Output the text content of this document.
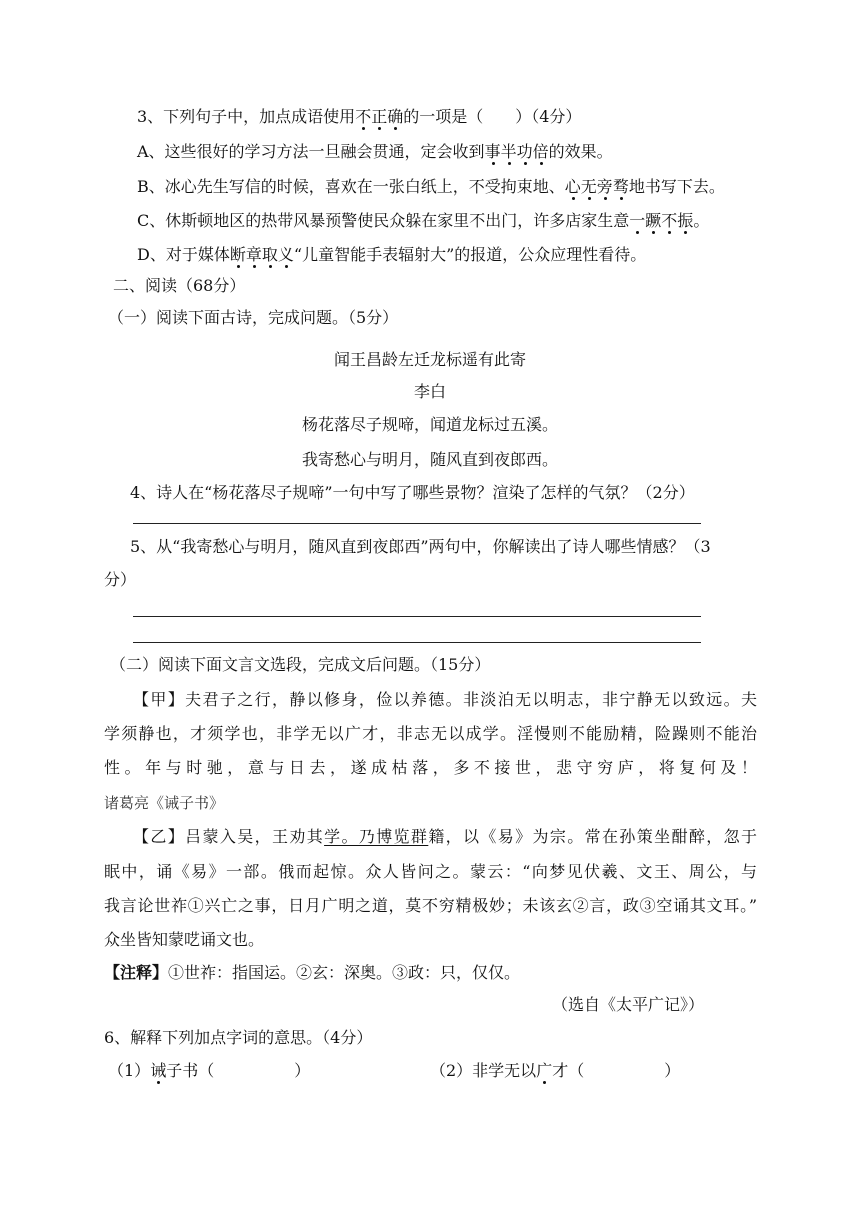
3、下列句子中，加点成语使用不正确的一项是（　　）（4分）
A、这些很好的学习方法一旦融会贯通，定会收到事半功倍的效果。
B、冰心先生写信的时候，喜欢在一张白纸上，不受拘束地、心无旁骛地书写下去。
C、休斯顿地区的热带风暴预警使民众躲在家里不出门，许多店家生意一蹶不振。
D、对于媒体断章取义“儿童智能手表辐射大”的报道，公众应理性看待。
二、阅读（68分）
（一）阅读下面古诗，完成问题。（5分）
闻王昌龄左迁龙标遥有此寄
李白
杨花落尽子规啼，闻道龙标过五溪。
我寄愁心与明月，随风直到夜郎西。
4、诗人在“杨花落尽子规啼”一句中写了哪些景物？渲染了怎样的气氛？（2分）
5、从“我寄愁心与明月，随风直到夜郎西”两句中，你解读出了诗人哪些情感？（3
分）
（二）阅读下面文言文选段，完成文后问题。（15分）
【甲】夫君子之行，静以修身，俭以养德。非淡泊无以明志，非宁静无以致远。夫
学须静也，才须学也，非学无以广才，非志无以成学。淫慢则不能励精，险躁则不能治
性。年与时驰，意与日去，遂成枯落，多不接世，悲守穷庐，将复何及！
诸葛亮《诫子书》
【乙】吕蒙入吴，王劝其学。乃博览群籍，以《易》为宗。常在孙策坐酣醉，忽于
眠中，诵《易》一部。俄而起惊。众人皆问之。蒙云：“向梦见伏羲、文王、周公，与
我言论世祚①兴亡之事，日月广明之道，莫不穷精极妙；未该玄②言，政③空诵其文耳。”
众坐皆知蒙呓诵文也。
【注释】①世祚：指国运。②玄：深奥。③政：只，仅仅。
（选自《太平广记》）
6、解释下列加点字词的意思。（4分）
（1）诫子书（　　　　　）	（2）非学无以广才（　　　　　）
